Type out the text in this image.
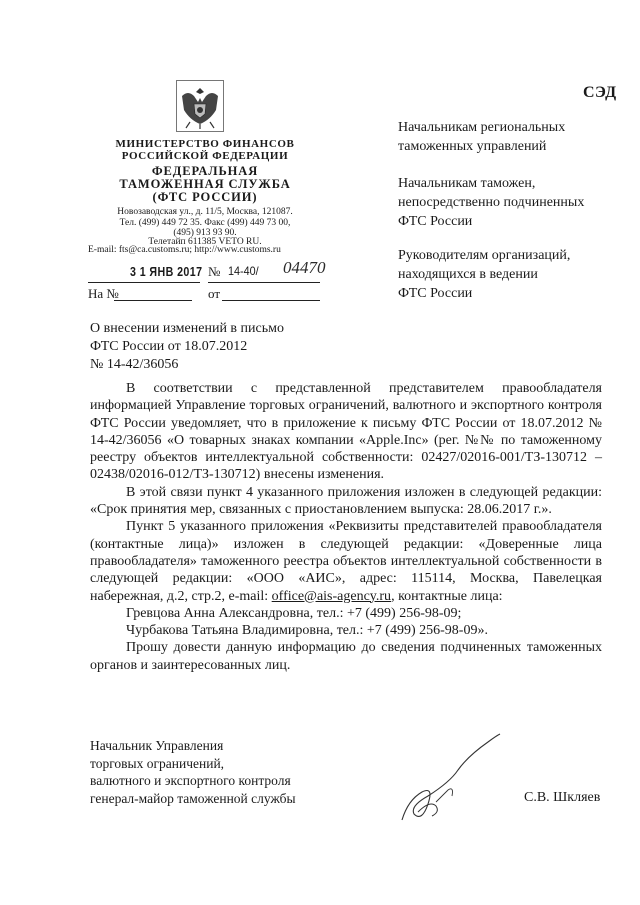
СЭД
МИНИСТЕРСТВО ФИНАНСОВ
РОССИЙСКОЙ ФЕДЕРАЦИИ
ФЕДЕРАЛЬНАЯ
ТАМОЖЕННАЯ СЛУЖБА
(ФТС РОССИИ)
Новозаводская ул., д. 11/5, Москва, 121087.
Тел. (499) 449 72 35. Факс (499) 449 73 00,
(495) 913 93 90.
Телетайп 611385 VETO RU.
E-mail: fts@ca.customs.ru; http://www.customs.ru
3 1 ЯНВ 2017 № 14-40/ 04470
На №	от
Начальникам региональных
таможенных управлений
Начальникам таможен,
непосредственно подчиненных
ФТС России
Руководителям организаций,
находящихся в ведении
ФТС России
О внесении изменений в письмо
ФТС России от 18.07.2012
№ 14-42/36056

В соответствии с представленной представителем правообладателя информацией Управление торговых ограничений, валютного и экспортного контроля ФТС России уведомляет, что в приложение к письму ФТС России от 18.07.2012 № 14-42/36056 «О товарных знаках компании «Apple.Inc» (рег. №№ по таможенному реестру объектов интеллектуальной собственности: 02427/02016-001/ТЗ-130712 – 02438/02016-012/ТЗ-130712) внесены изменения.

В этой связи пункт 4 указанного приложения изложен в следующей редакции: «Срок принятия мер, связанных с приостановлением выпуска: 28.06.2017 г.».

Пункт 5 указанного приложения «Реквизиты представителей правообладателя (контактные лица)» изложен в следующей редакции: «Доверенные лица правообладателя» таможенного реестра объектов интеллектуальной собственности в следующей редакции: «ООО «АИС», адрес: 115114, Москва, Павелецкая набережная, д.2, стр.2, e-mail: office@ais-agency.ru, контактные лица:

Гревцова Анна Александровна, тел.: +7 (499) 256-98-09;

Чурбакова Татьяна Владимировна, тел.: +7 (499) 256-98-09».

Прошу довести данную информацию до сведения подчиненных таможенных органов и заинтересованных лиц.

Начальник Управления
торговых ограничений,
валютного и экспортного контроля
генерал-майор таможенной службы	С.В. Шкляев
